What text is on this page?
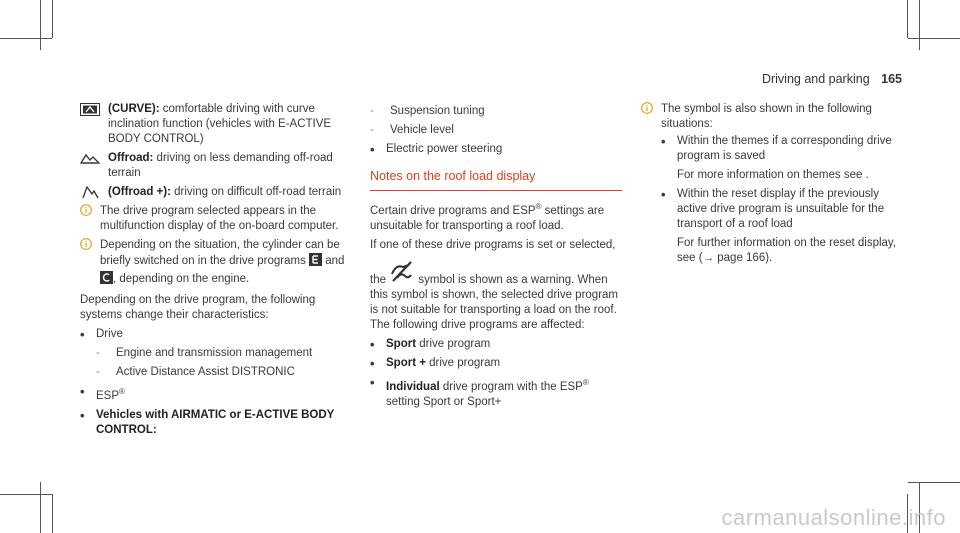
Driving and parking 165
(CURVE): comfortable driving with curve inclination function (vehicles with E-ACTIVE BODY CONTROL)
Offroad: driving on less demanding off-road terrain
(Offroad +): driving on difficult off-road terrain
The drive program selected appears in the multifunction display of the on-board computer.
Depending on the situation, the cylinder can be briefly switched on in the drive programs and , depending on the engine.

Depending on the drive program, the following systems change their characteristics:

• Drive
-	Engine and transmission management
-	Active Distance Assist DISTRONIC
• ESP®
• Vehicles with AIRMATIC or E-ACTIVE BODY CONTROL:
-	Suspension tuning
-	Vehicle level
• Electric power steering
Notes on the roof load display

Certain drive programs and ESP® settings are unsuitable for transporting a roof load.

If one of these drive programs is set or selected,

the	symbol is shown as a warning. When this symbol is shown, the selected drive program is not suitable for transporting a load on the roof.

The following drive programs are affected:

• Sport drive program
• Sport + drive program
• Individual drive program with the ESP® setting Sport or Sport+
The symbol is also shown in the following situations:
• Within the themes if a corresponding drive program is saved

For more information on themes see .

• Within the reset display if the previously active drive program is unsuitable for the transport of a roof load

For further information on the reset display, see (→ page 166).

carmanualsonline.info
